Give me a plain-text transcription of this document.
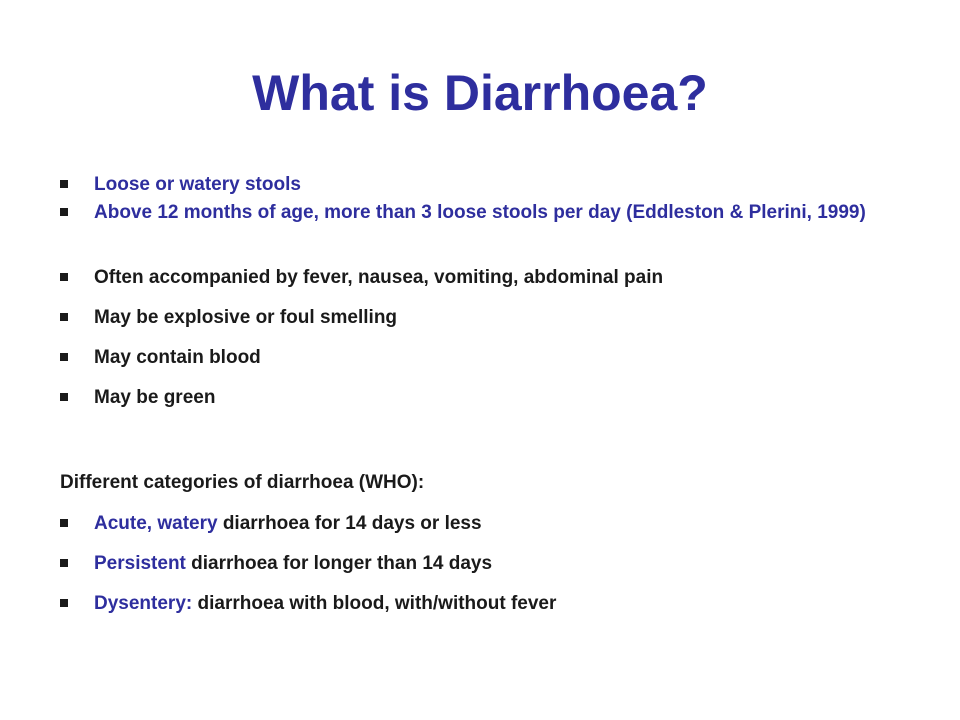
What is Diarrhoea?
Loose or watery stools
Above 12 months of age, more than 3 loose stools per day (Eddleston & Plerini, 1999)
Often accompanied by fever, nausea, vomiting, abdominal pain
May be explosive or foul smelling
May contain blood
May be green
Different categories of diarrhoea (WHO):
Acute, watery diarrhoea for 14 days or less
Persistent diarrhoea for longer than 14 days
Dysentery: diarrhoea with blood, with/without fever
